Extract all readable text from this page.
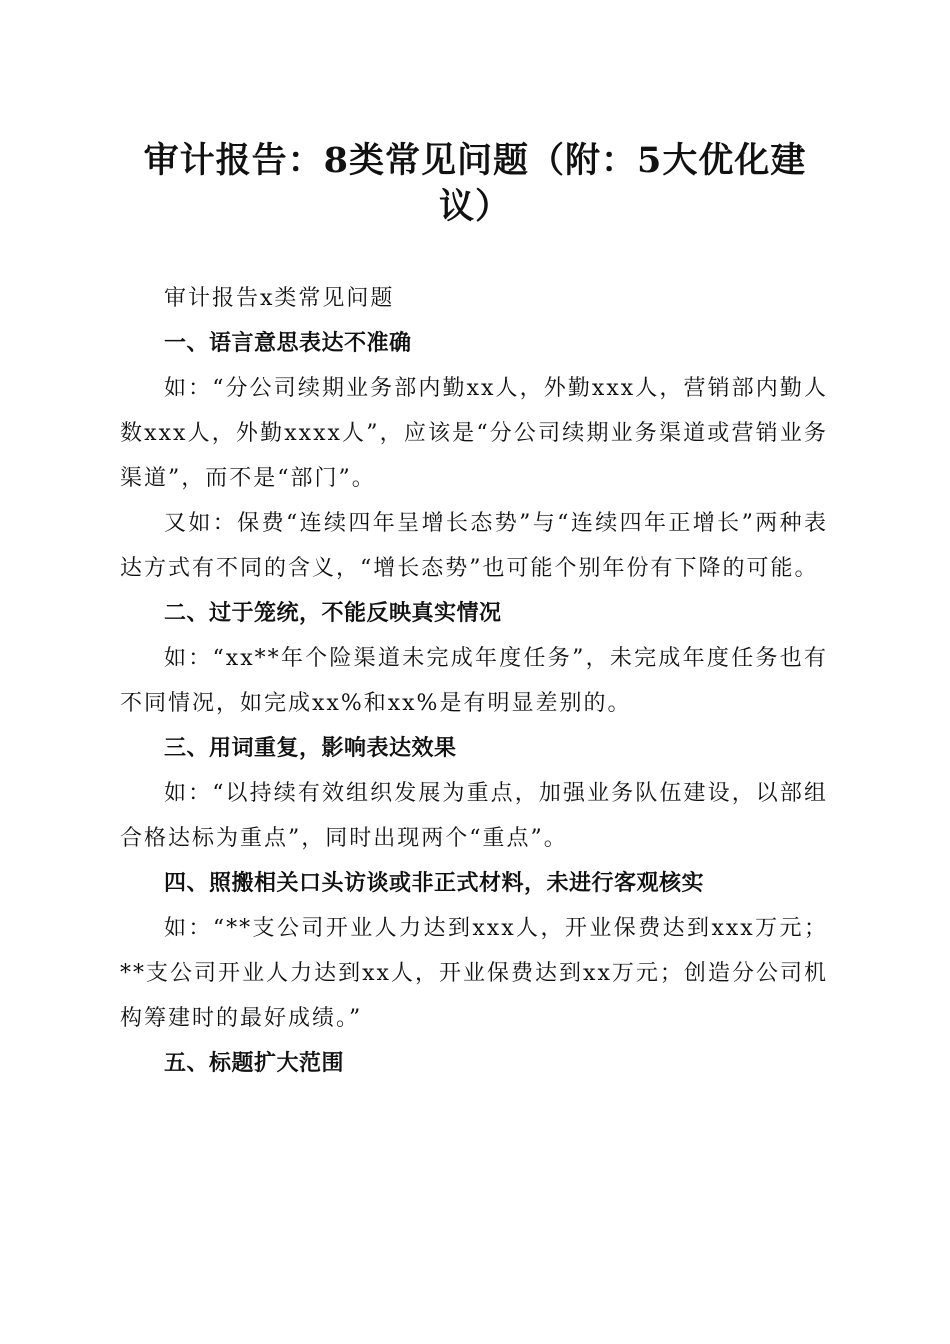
审计报告：8类常见问题（附：5大优化建议）

审计报告x类常见问题

一、语言意思表达不准确

如：“分公司续期业务部内勤xx人，外勤xxx人，营销部内勤人数xxx人，外勤xxxx人”，应该是“分公司续期业务渠道或营销业务渠道”，而不是“部门”。

又如：保费“连续四年呈增长态势”与“连续四年正增长”两种表达方式有不同的含义，“增长态势”也可能个别年份有下降的可能。

二、过于笼统，不能反映真实情况

如：“xx**年个险渠道未完成年度任务”，未完成年度任务也有不同情况，如完成xx%和xx%是有明显差别的。

三、用词重复，影响表达效果

如：“以持续有效组织发展为重点，加强业务队伍建设，以部组合格达标为重点”，同时出现两个“重点”。

四、照搬相关口头访谈或非正式材料，未进行客观核实

如：“**支公司开业人力达到xxx人，开业保费达到xxx万元；**支公司开业人力达到xx人，开业保费达到xx万元；创造分公司机构筹建时的最好成绩。”

五、标题扩大范围
